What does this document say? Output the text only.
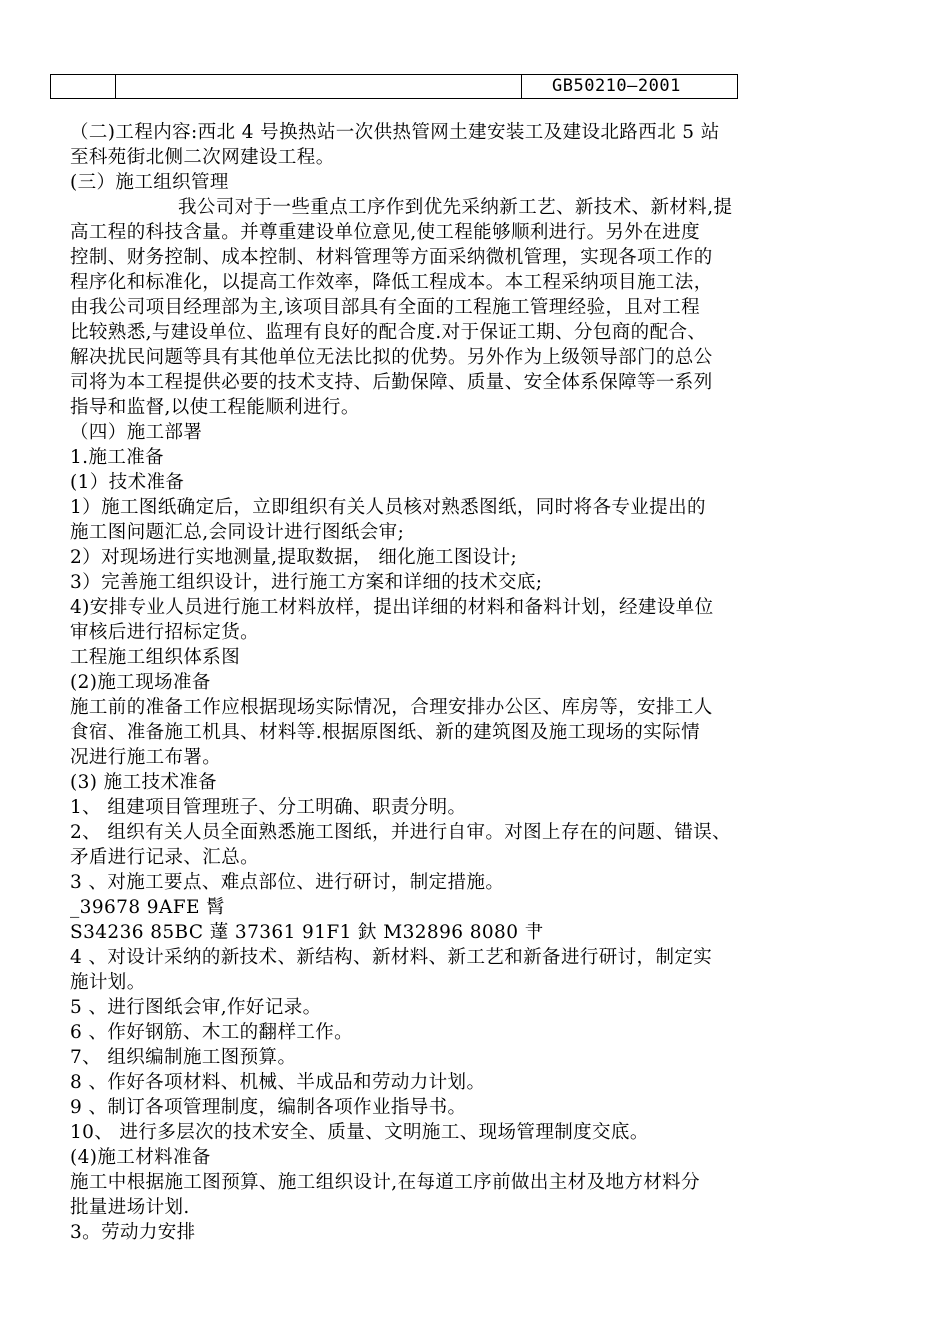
GB50210—2001
（二)工程内容:西北 4 号换热站一次供热管网土建安装工及建设北路西北 5 站
至科苑街北侧二次网建设工程。
(三）施工组织管理
我公司对于一些重点工序作到优先采纳新工艺、新技术、新材料,提
高工程的科技含量。并尊重建设单位意见,使工程能够顺利进行。另外在进度
控制、财务控制、成本控制、材料管理等方面采纳微机管理，实现各项工作的
程序化和标准化，以提高工作效率，降低工程成本。本工程采纳项目施工法，
由我公司项目经理部为主,该项目部具有全面的工程施工管理经验，且对工程
比较熟悉,与建设单位、监理有良好的配合度.对于保证工期、分包商的配合、
解决扰民问题等具有其他单位无法比拟的优势。另外作为上级领导部门的总公
司将为本工程提供必要的技术支持、后勤保障、质量、安全体系保障等一系列
指导和监督,以使工程能顺利进行。
（四）施工部署
1.施工准备
(1）技术准备
1）施工图纸确定后，立即组织有关人员核对熟悉图纸，同时将各专业提出的
施工图问题汇总,会同设计进行图纸会审;
2）对现场进行实地测量,提取数据， 细化施工图设计;
3）完善施工组织设计，进行施工方案和详细的技术交底;
4)安排专业人员进行施工材料放样，提出详细的材料和备料计划，经建设单位
审核后进行招标定货。
工程施工组织体系图
(2)施工现场准备
施工前的准备工作应根据现场实际情况，合理安排办公区、库房等，安排工人
食宿、准备施工机具、材料等.根据原图纸、新的建筑图及施工现场的实际情
况进行施工布署。
(3) 施工技术准备
1、 组建项目管理班子、分工明确、职责分明。
2、 组织有关人员全面熟悉施工图纸，并进行自审。对图上存在的问题、错误、
矛盾进行记录、汇总。
3 、对施工要点、难点部位、进行研讨，制定措施。
_39678 9AFE 髾
S34236 85BC 薘 37361 91F1 釱 M32896 8080 肀
4 、对设计采纳的新技术、新结构、新材料、新工艺和新备进行研讨，制定实
施计划。
5 、进行图纸会审,作好记录。
6 、作好钢筋、木工的翻样工作。
7、 组织编制施工图预算。
8 、作好各项材料、机械、半成品和劳动力计划。
9 、制订各项管理制度，编制各项作业指导书。
10、 进行多层次的技术安全、质量、文明施工、现场管理制度交底。
(4)施工材料准备
施工中根据施工图预算、施工组织设计,在每道工序前做出主材及地方材料分
批量进场计划.
3。劳动力安排
